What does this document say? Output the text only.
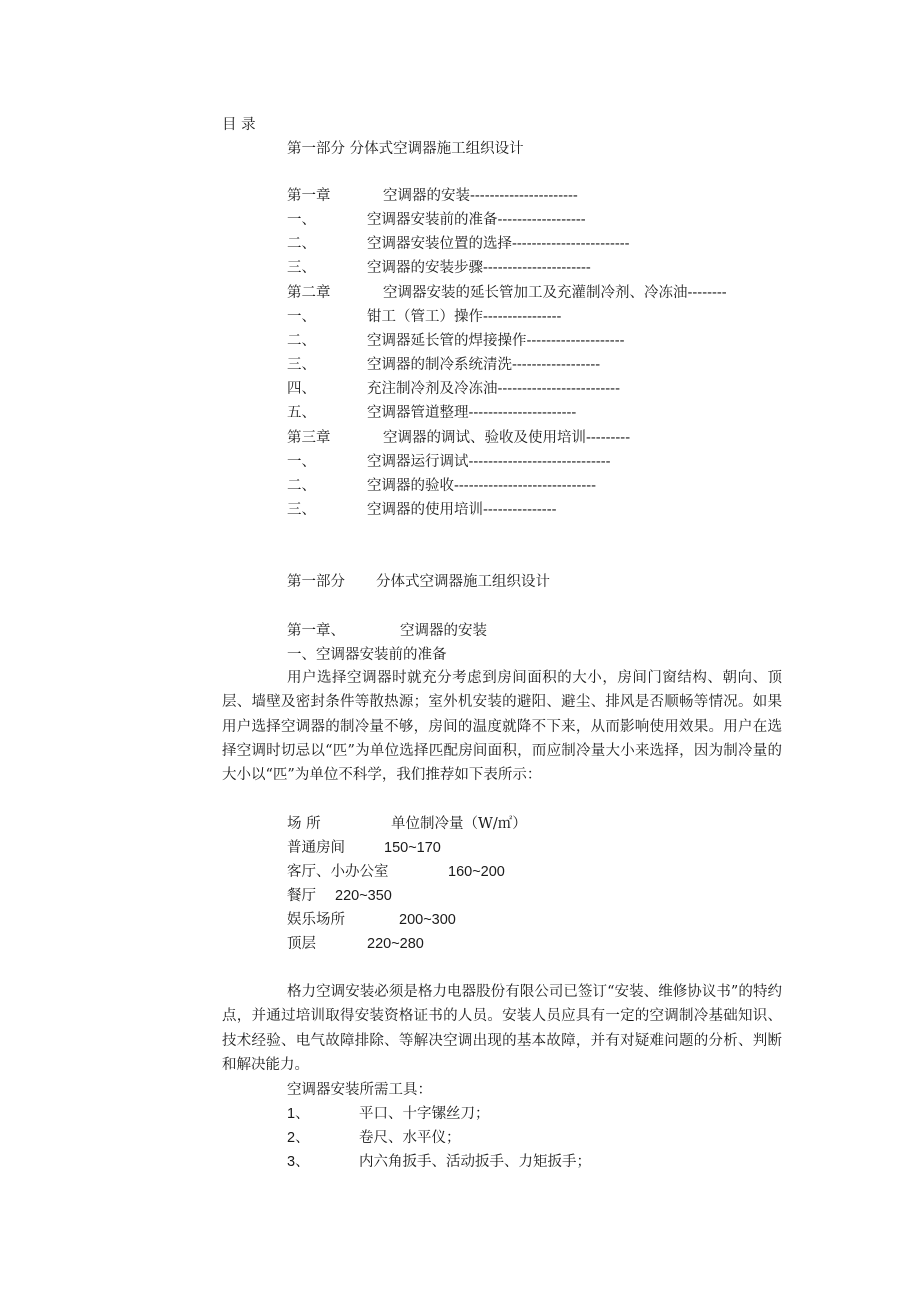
目 录
第一部分 分体式空调器施工组织设计
第一章	空调器的安装----------------------
一、	空调器安装前的准备------------------
二、	空调器安装位置的选择------------------------
三、	空调器的安装步骤----------------------
第二章	空调器安装的延长管加工及充灌制冷剂、冷冻油--------
一、	钳工（管工）操作----------------
二、	空调器延长管的焊接操作--------------------
三、	空调器的制冷系统清洗------------------
四、	充注制冷剂及冷冻油-------------------------
五、	空调器管道整理----------------------
第三章	空调器的调试、验收及使用培训---------
一、	空调器运行调试-----------------------------
二、	空调器的验收-----------------------------
三、	空调器的使用培训---------------
第一部分 分体式空调器施工组织设计
第一章、	空调器的安装
一、空调器安装前的准备
用户选择空调器时就充分考虑到房间面积的大小，房间门窗结构、朝向、顶层、墙壁及密封条件等散热源；室外机安装的避阳、避尘、排风是否顺畅等情况。如果用户选择空调器的制冷量不够，房间的温度就降不下来，从而影响使用效果。用户在选择空调时切忌以“匹”为单位选择匹配房间面积，而应制冷量大小来选择，因为制冷量的大小以“匹”为单位不科学，我们推荐如下表所示：
场 所	单位制冷量（W/㎡）
普通房间	150~170
客厅、小办公室	160~200
餐厅 220~350
娱乐场所	200~300
顶层	220~280
格力空调安装必须是格力电器股份有限公司已签订“安装、维修协议书”的特约点，并通过培训取得安装资格证书的人员。安装人员应具有一定的空调制冷基础知识、技术经验、电气故障排除、等解决空调出现的基本故障，并有对疑难问题的分析、判断和解决能力。
空调器安装所需工具：
1、	平口、十字镙丝刀；
2、	卷尺、水平仪；
3、	内六角扳手、活动扳手、力矩扳手；
